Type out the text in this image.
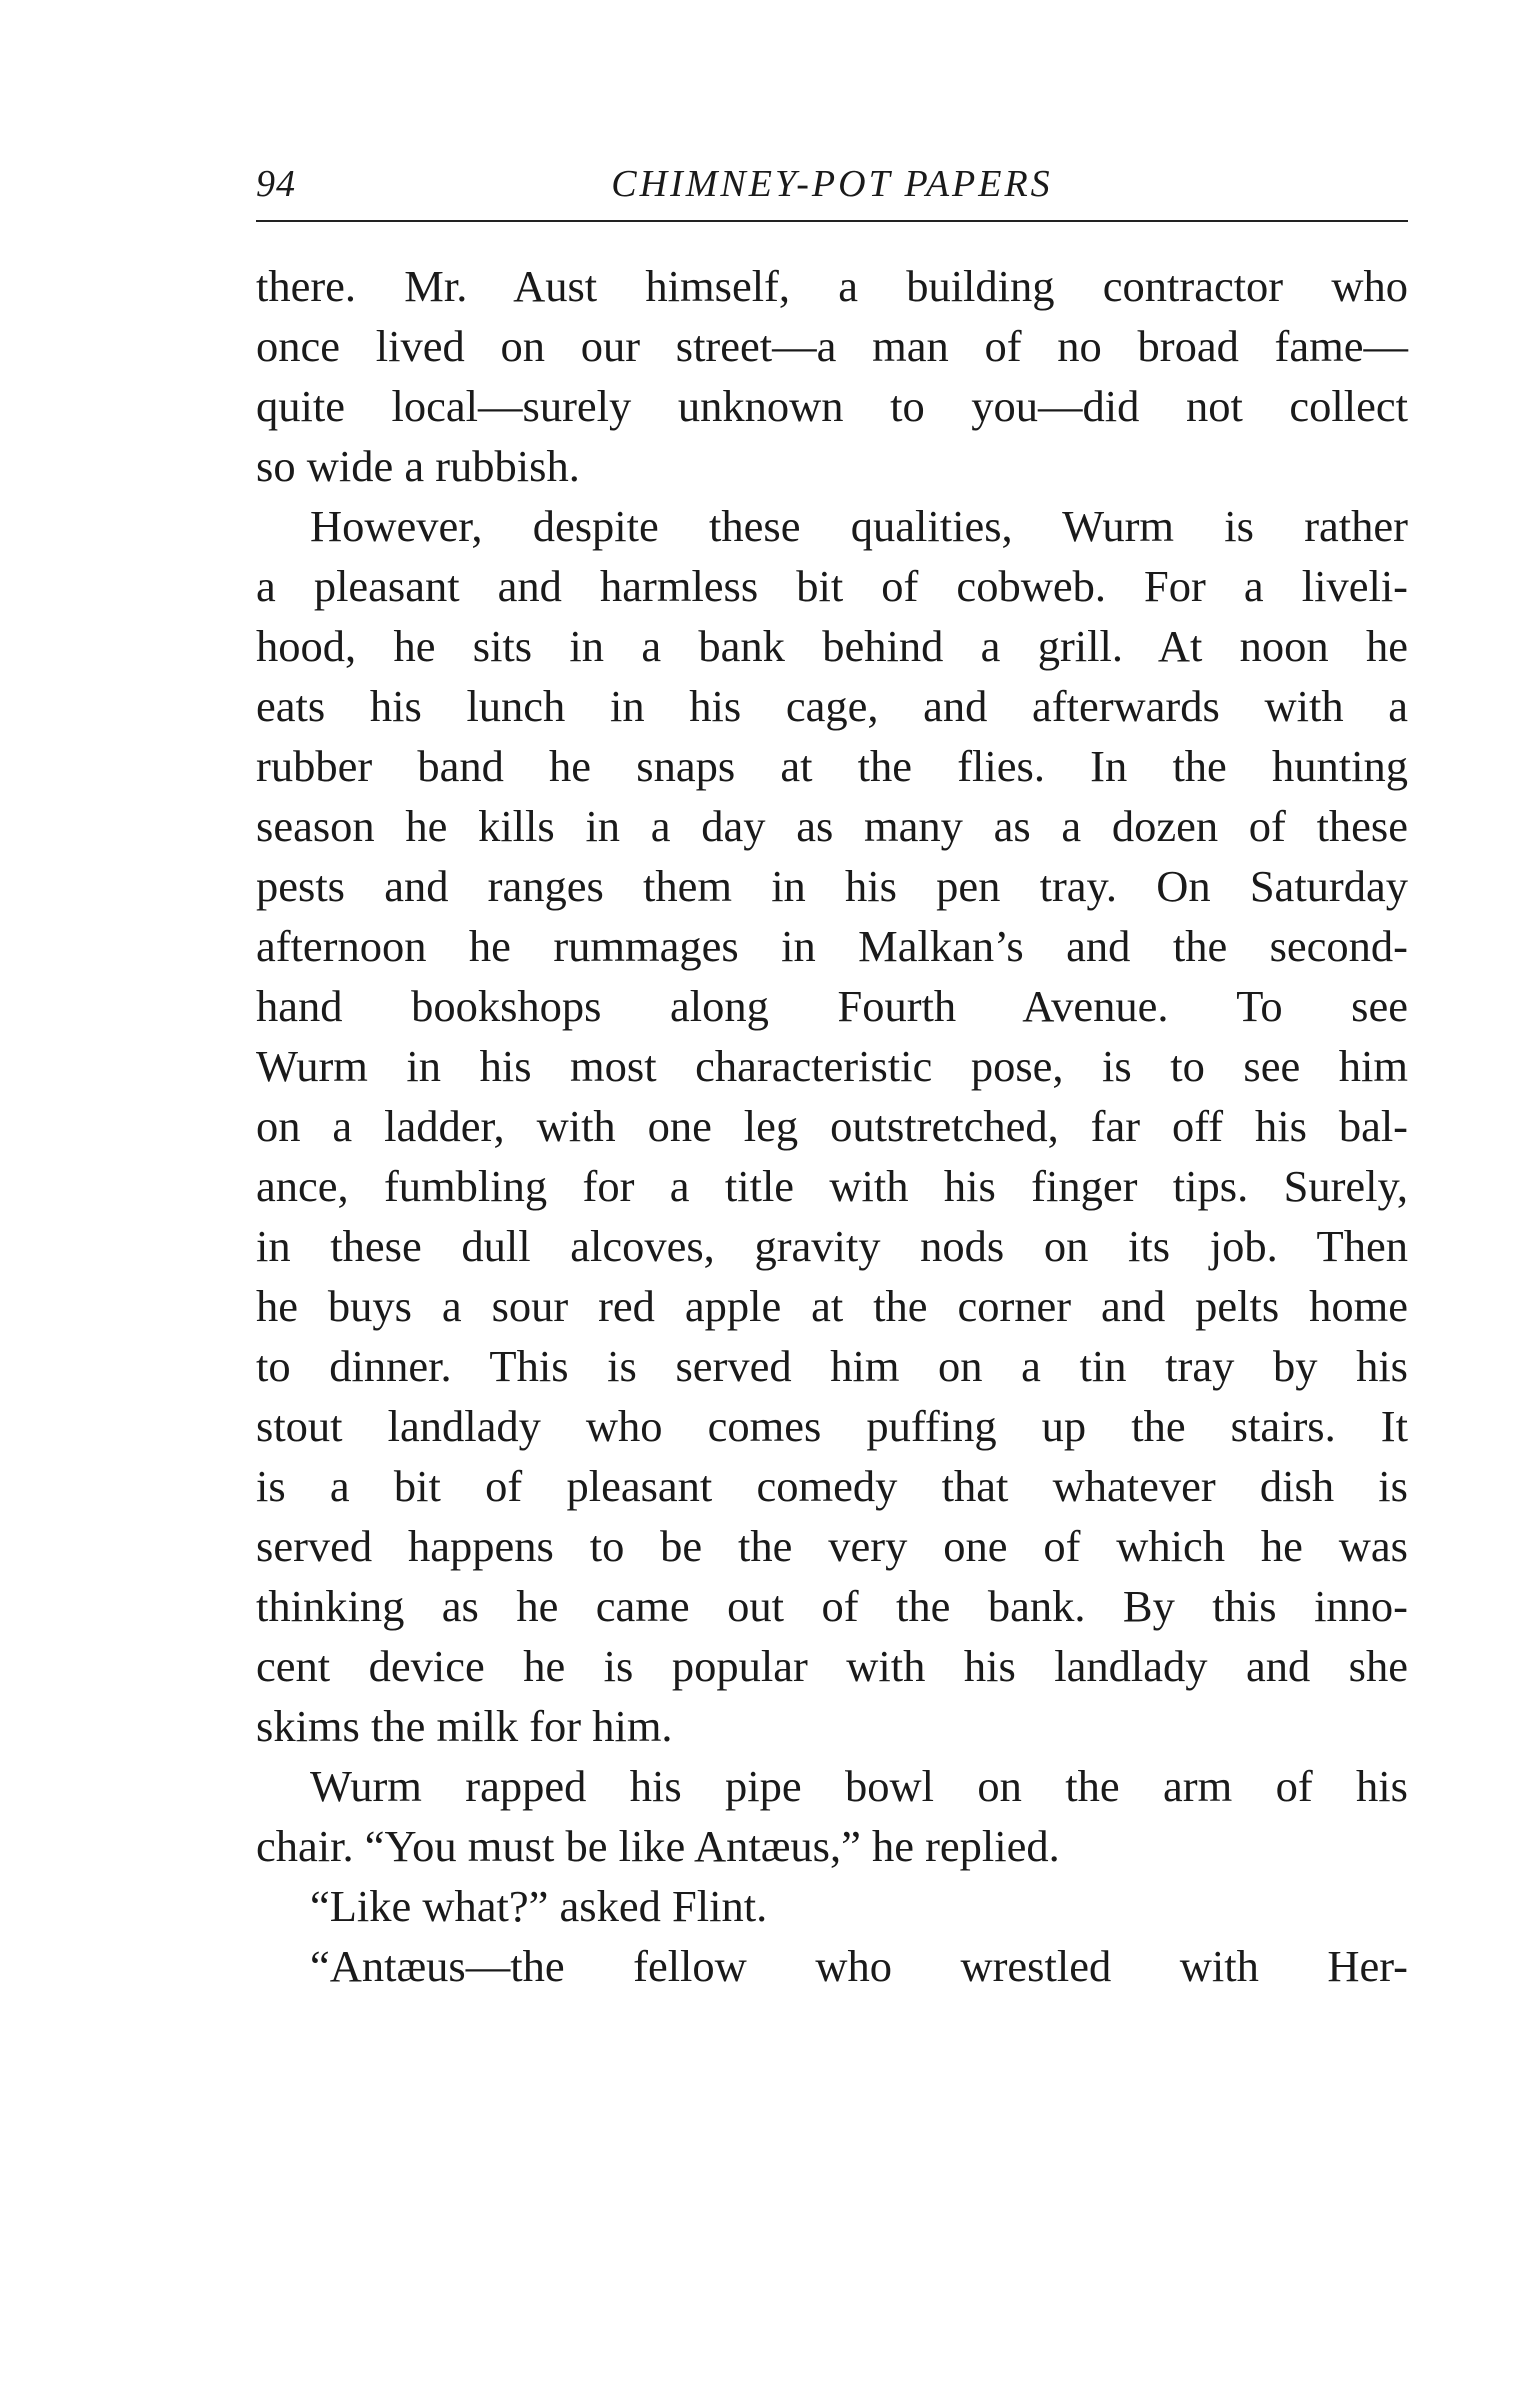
94	CHIMNEY-POT PAPERS
there. Mr. Aust himself, a building contractor who
once lived on our street—a man of no broad fame—
quite local—surely unknown to you—did not collect
so wide a rubbish.
However, despite these qualities, Wurm is rather
a pleasant and harmless bit of cobweb. For a liveli-
hood, he sits in a bank behind a grill. At noon he
eats his lunch in his cage, and afterwards with a
rubber band he snaps at the flies. In the hunting
season he kills in a day as many as a dozen of these
pests and ranges them in his pen tray. On Saturday
afternoon he rummages in Malkan’s and the second-
hand bookshops along Fourth Avenue. To see
Wurm in his most characteristic pose, is to see him
on a ladder, with one leg outstretched, far off his bal-
ance, fumbling for a title with his finger tips. Surely,
in these dull alcoves, gravity nods on its job. Then
he buys a sour red apple at the corner and pelts home
to dinner. This is served him on a tin tray by his
stout landlady who comes puffing up the stairs. It
is a bit of pleasant comedy that whatever dish is
served happens to be the very one of which he was
thinking as he came out of the bank. By this inno-
cent device he is popular with his landlady and she
skims the milk for him.
Wurm rapped his pipe bowl on the arm of his
chair. “You must be like Antæus,” he replied.
“Like what?” asked Flint.
“Antæus—the fellow who wrestled with Her-
